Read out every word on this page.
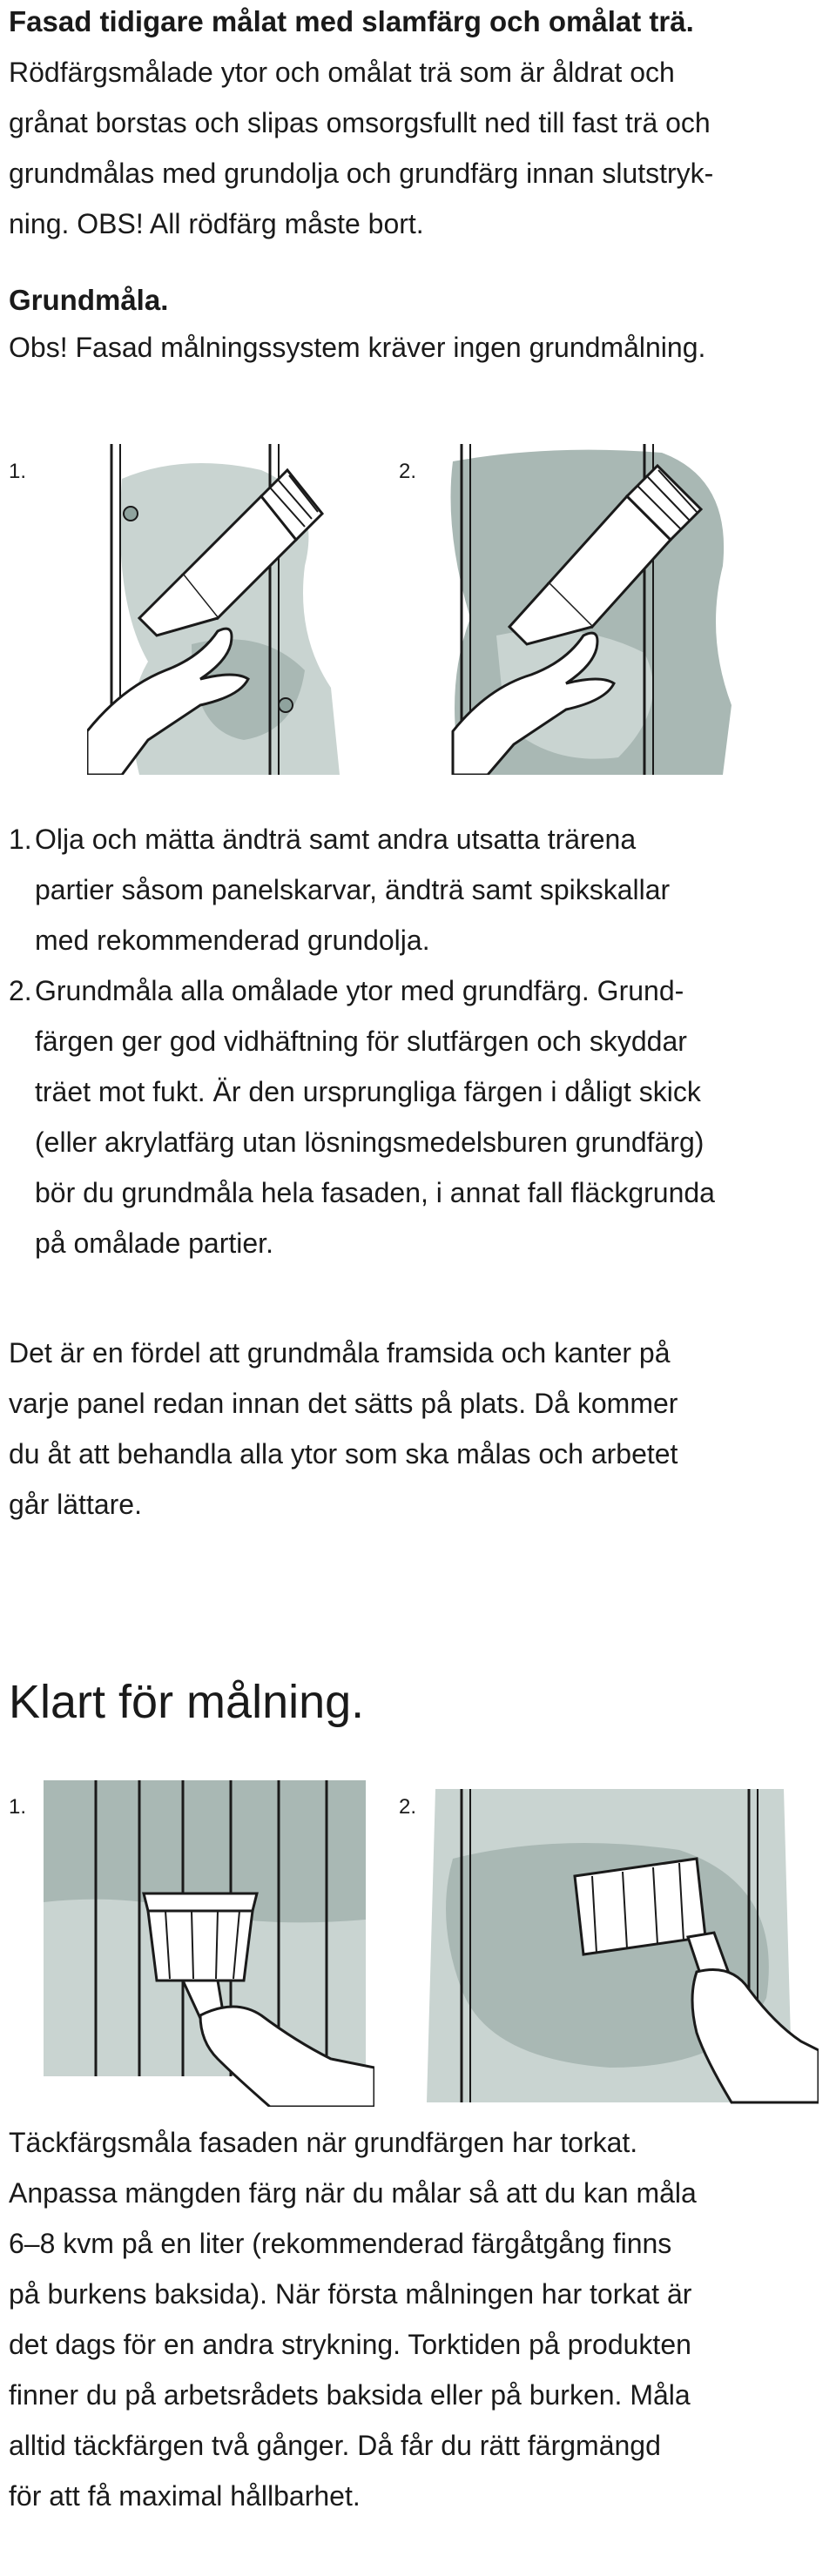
Fasad tidigare målat med slamfärg och omålat trä.

Rödfärgsmålade ytor och omålat trä som är åldrat och

grånat borstas och slipas omsorgsfullt ned till fast trä och

grundmålas med grundolja och grundfärg innan slutstryk-

ning. OBS! All rödfärg måste bort.

Grundmåla.

Obs! Fasad målningssystem kräver ingen grundmålning.

1.	2.
1. Olja och mätta ändträ samt andra utsatta trärena
partier såsom panelskarvar, ändträ samt spikskallar
med rekommenderad grundolja.
2. Grundmåla alla omålade ytor med grundfärg. Grund-
färgen ger god vidhäftning för slutfärgen och skyddar
träet mot fukt. Är den ursprungliga färgen i dåligt skick
(eller akrylatfärg utan lösningsmedelsburen grundfärg)
bör du grundmåla hela fasaden, i annat fall fläckgrunda
på omålade partier.

Det är en fördel att grundmåla framsida och kanter på

varje panel redan innan det sätts på plats. Då kommer

du åt att behandla alla ytor som ska målas och arbetet

går lättare.

Klart för målning.
1.	2.

Täckfärgsmåla fasaden när grundfärgen har torkat.

Anpassa mängden färg när du målar så att du kan måla

6–8 kvm på en liter (rekommenderad färgåtgång finns

på burkens baksida). När första målningen har torkat är

det dags för en andra strykning. Torktiden på produkten

finner du på arbetsrådets baksida eller på burken. Måla

alltid täckfärgen två gånger. Då får du rätt färgmängd

för att få maximal hållbarhet.
